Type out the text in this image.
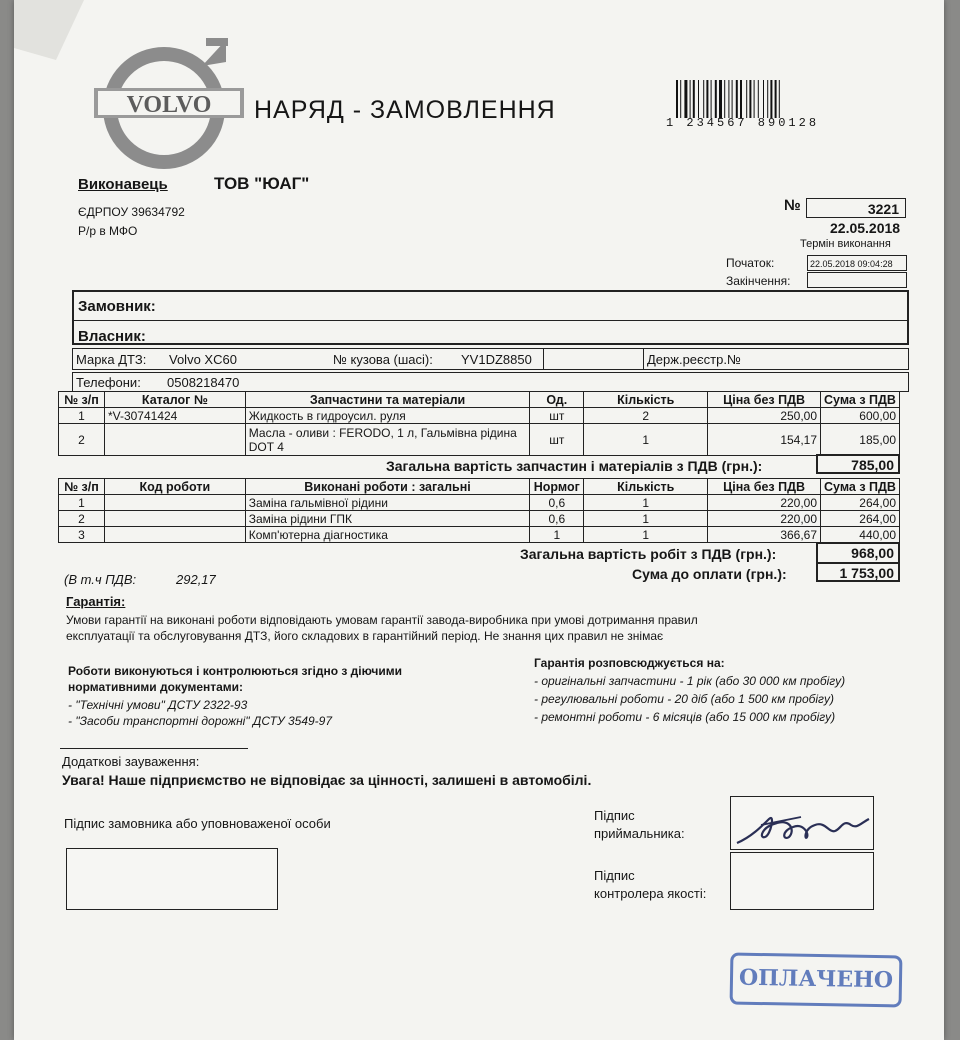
VOLVO НАРЯД - ЗАМОВЛЕННЯ	1 234567 890128
Виконавець	ТОВ "ЮАГ"
ЄДРПОУ 39634792
Р/р в МФО
№	3221
22.05.2018
Термін виконання
Початок:	22.05.2018 09:04:28
Закінчення:
Замовник:
Власник:
Марка ДТЗ: Volvo XC60	№ кузова (шасі): YV1DZ8850	Держ.реєстр.№
Телефони: 0508218470
№ з/п	Каталог №	Запчастини та матеріали	Од.	Кількість	Ціна без ПДВ	Сума з ПДВ
1	*V-30741424	Жидкость в гидроусил. руля	шт	2	250,00	600,00
2		Масла - оливи : FERODO, 1 л, Гальмівна рідина DOT 4	шт	1	154,17	185,00
Загальна вартість запчастин і матеріалів з ПДВ (грн.):	785,00
№ з/п	Код роботи	Виконані роботи : загальні	Нормог	Кількість	Ціна без ПДВ	Сума з ПДВ
1		Заміна гальмівної рідини	0,6	1	220,00	264,00
2		Заміна рідини ГПК	0,6	1	220,00	264,00
3		Комп'ютерна діагностика	1	1	366,67	440,00
Загальна вартість робіт з ПДВ (грн.):	968,00
(В т.ч ПДВ:	292,17	Сума до оплати (грн.):	1 753,00
Гарантія:
Умови гарантії на виконані роботи відповідають умовам гарантії завода-виробника при умові дотримання правил
експлуатації та обслуговування ДТЗ, його складових в гарантійний період. Не знання цих правил не знімає
Роботи виконуються і контролюються згідно з діючими
нормативними документами:
- "Технічні умови" ДСТУ 2322-93
- "Засоби транспортні дорожні" ДСТУ 3549-97
Гарантія розповсюджується на:
- оригінальні запчастини - 1 рік (або 30 000 км пробігу)
- регулювальні роботи - 20 діб (або 1 500 км пробігу)
- ремонтні роботи - 6 місяців (або 15 000 км пробігу)
Додаткові зауваження:
Увага! Наше підприємство не відповідає за цінності, залишені в автомобілі.
Підпис замовника або уповноваженої особи
Підпис
приймальника:
Підпис
контролера якості:
ОПЛАЧЕНО
